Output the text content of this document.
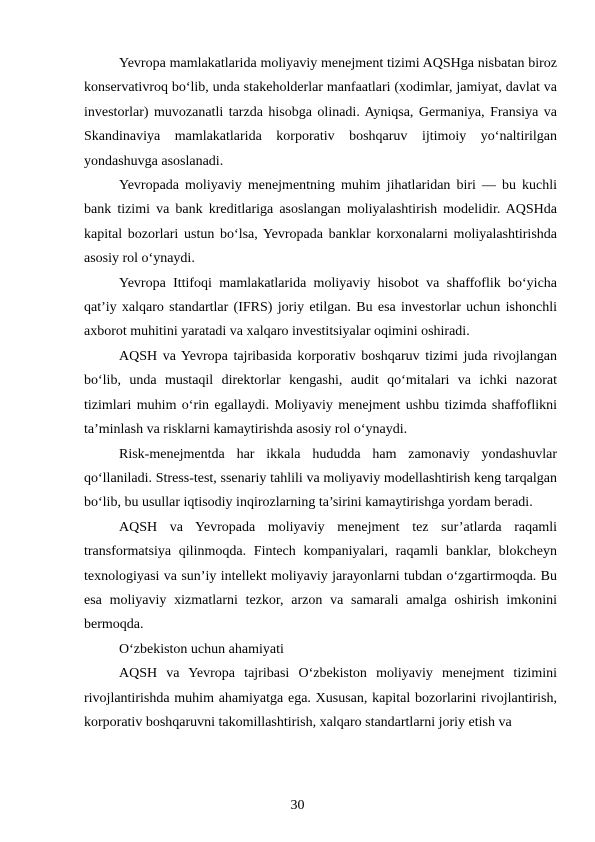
Yevropa mamlakatlarida moliyaviy menejment tizimi AQSHga nisbatan biroz konservativroq bo‘lib, unda stakeholderlar manfaatlari (xodimlar, jamiyat, davlat va investorlar) muvozanatli tarzda hisobga olinadi. Ayniqsa, Germaniya, Fransiya va Skandinaviya mamlakatlarida korporativ boshqaruv ijtimoiy yo‘naltirilgan yondashuvga asoslanadi.

Yevropada moliyaviy menejmentning muhim jihatlaridan biri — bu kuchli bank tizimi va bank kreditlariga asoslangan moliyalashtirish modelidir. AQSHda kapital bozorlari ustun bo‘lsa, Yevropada banklar korxonalarni moliyalashtirishda asosiy rol o‘ynaydi.

Yevropa Ittifoqi mamlakatlarida moliyaviy hisobot va shaffoflik bo‘yicha qat’iy xalqaro standartlar (IFRS) joriy etilgan. Bu esa investorlar uchun ishonchli axborot muhitini yaratadi va xalqaro investitsiyalar oqimini oshiradi.

AQSH va Yevropa tajribasida korporativ boshqaruv tizimi juda rivojlangan bo‘lib, unda mustaqil direktorlar kengashi, audit qo‘mitalari va ichki nazorat tizimlari muhim o‘rin egallaydi. Moliyaviy menejment ushbu tizimda shaffoflikni ta’minlash va risklarni kamaytirishda asosiy rol o‘ynaydi.

Risk-menejmentda har ikkala hududda ham zamonaviy yondashuvlar qo‘llaniladi. Stress-test, ssenariy tahlili va moliyaviy modellashtirish keng tarqalgan bo‘lib, bu usullar iqtisodiy inqirozlarning ta’sirini kamaytirishga yordam beradi.

AQSH va Yevropada moliyaviy menejment tez sur’atlarda raqamli transformatsiya qilinmoqda. Fintech kompaniyalari, raqamli banklar, blokcheyn texnologiyasi va sun’iy intellekt moliyaviy jarayonlarni tubdan o‘zgartirmoqda. Bu esa moliyaviy xizmatlarni tezkor, arzon va samarali amalga oshirish imkonini bermoqda.

O‘zbekiston uchun ahamiyati

AQSH va Yevropa tajribasi O‘zbekiston moliyaviy menejment tizimini rivojlantirishda muhim ahamiyatga ega. Xususan, kapital bozorlarini rivojlantirish, korporativ boshqaruvni takomillashtirish, xalqaro standartlarni joriy etish va

30
